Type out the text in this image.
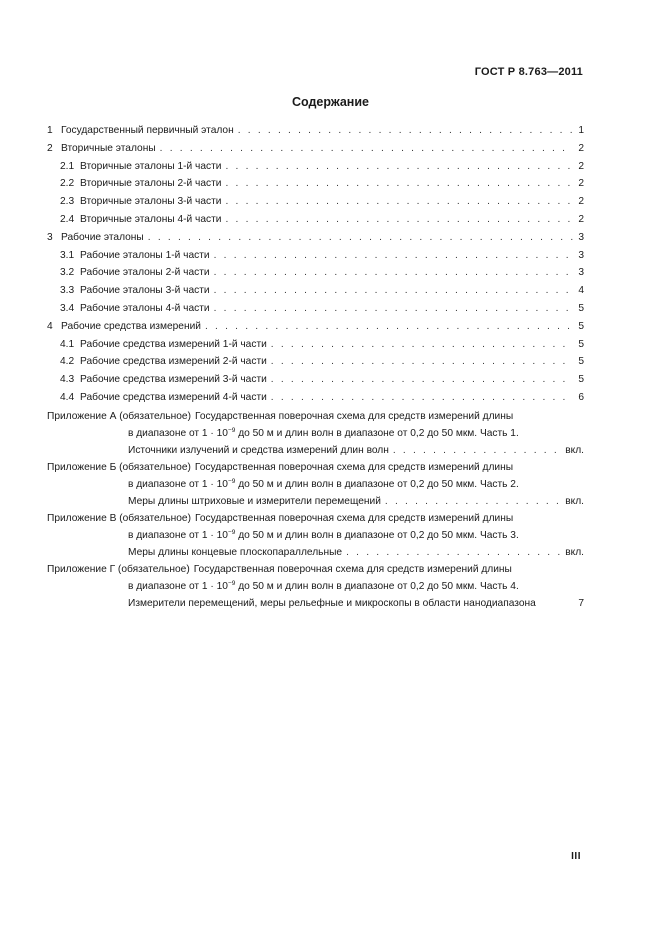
ГОСТ Р 8.763—2011
Содержание
1 Государственный первичный эталон . . .	1
2 Вторичные эталоны . . .	2
2.1 Вторичные эталоны 1-й части . . .	2
2.2 Вторичные эталоны 2-й части . . .	2
2.3 Вторичные эталоны 3-й части . . .	2
2.4 Вторичные эталоны 4-й части . . .	2
3 Рабочие эталоны . . .	3
3.1 Рабочие эталоны 1-й части . . .	3
3.2 Рабочие эталоны 2-й части . . .	3
3.3 Рабочие эталоны 3-й части . . .	4
3.4 Рабочие эталоны 4-й части . . .	5
4 Рабочие средства измерений . . .	5
4.1 Рабочие средства измерений 1-й части . . .	5
4.2 Рабочие средства измерений 2-й части . . .	5
4.3 Рабочие средства измерений 3-й части . . .	5
4.4 Рабочие средства измерений 4-й части . . .	6
Приложение А (обязательное) Государственная поверочная схема для средств измерений длины
в диапазоне от $1 \cdot 10^{-9}$ до 50 м и длин волн в диапазоне от 0,2 до 50 мкм. Часть 1.
Источники излучений и средства измерений длин волн . . .	вкл.
Приложение Б (обязательное) Государственная поверочная схема для средств измерений длины
в диапазоне от $1 \cdot 10^{-9}$ до 50 м и длин волн в диапазоне от 0,2 до 50 мкм. Часть 2.
Меры длины штриховые и измерители перемещений . . .	вкл.
Приложение В (обязательное) Государственная поверочная схема для средств измерений длины
в диапазоне от $1 \cdot 10^{-9}$ до 50 м и длин волн в диапазоне от 0,2 до 50 мкм. Часть 3.
Меры длины концевые плоскопараллельные . . .	вкл.
Приложение Г (обязательное) Государственная поверочная схема для средств измерений длины
в диапазоне от $1 \cdot 10^{-9}$ до 50 м и длин волн в диапазоне от 0,2 до 50 мкм. Часть 4.
Измерители перемещений, меры рельефные и микроскопы в области нанодиапазона	7
III
